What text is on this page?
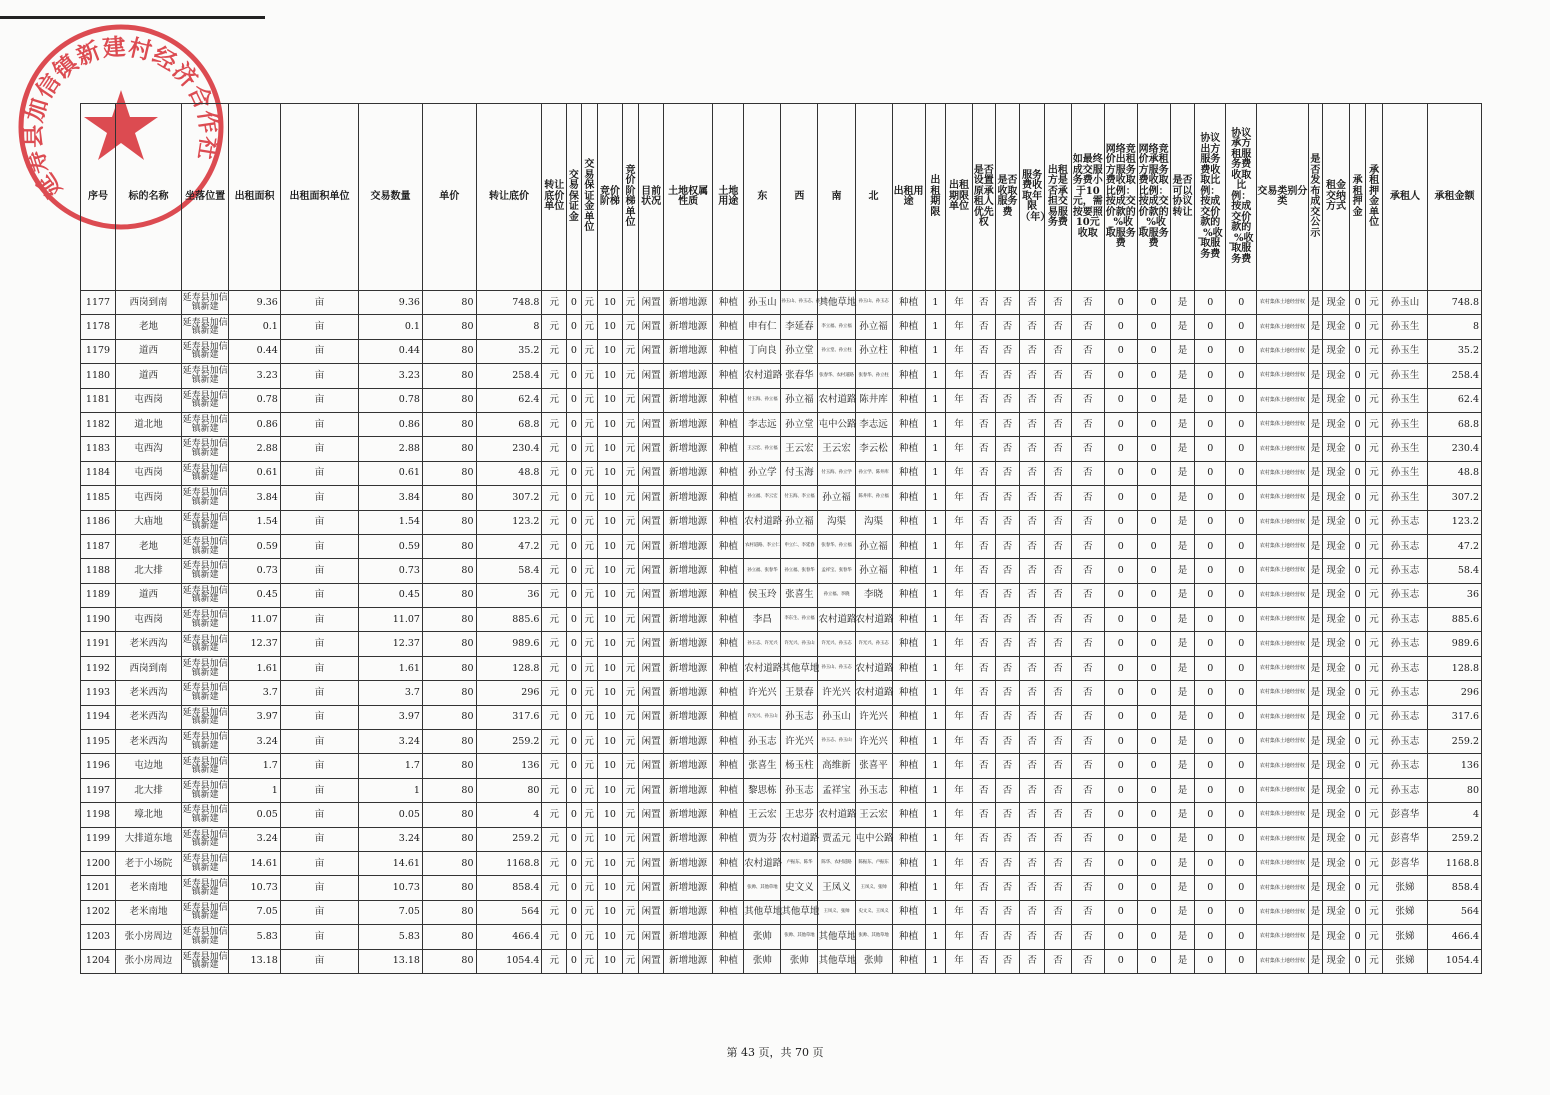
延寿县加信镇新建村经济合作社
序号	标的名称	坐落位置	出租面积	出租面积单位	交易数量	单价	转让底价	转让底价单位	交易保证金	交易保证金单位	竞价阶梯	竞价阶梯单位	目前状况	土地权属性质	土地用途	东	西	南	北	出租用途	出租期限	出租期限单位	是否设置原承租人优先权	是否收取服务费	服务费收取年限（年）	出租方是否承担交易服务费	如最终成交服务费小于10元，需按要照10元收取	网络竞价出租方服务费收取比例：按成交价款的_%收取服务费	网络竞价承租方服务费收取比例：按成交价款的_%收取服务费	是否可以协议转让	协议出方服务费收取比例：按成交价款的_%收取服务费	协议承方租服务费收取比例：按成交价款的_%收取服务费	交易类别分类	是否发布成交公示	租金交纳方式	承租押金	承租押金单位	承租人	承租金额
1177	西岗到南	延寿县加信镇新建	9.36	亩	9.36	80	748.8	元	0	元	10	元	闲置	新增地源	种植	孙玉山	孙玉山、孙玉志、孙玉生	其他草地	孙玉山、孙玉志	种植	1	年	否	否	否	否	否	0	0	是	0	0	农村集体土地经营权	是	现金	0	元	孙玉山	748.8
1178	老地	延寿县加信镇新建	0.1	亩	0.1	80	8	元	0	元	10	元	闲置	新增地源	种植	申有仁	李延春	李立福、孙立福	孙立福	种植	1	年	否	否	否	否	否	0	0	是	0	0	农村集体土地经营权	是	现金	0	元	孙玉生	8
1179	道西	延寿县加信镇新建	0.44	亩	0.44	80	35.2	元	0	元	10	元	闲置	新增地源	种植	丁向良	孙立堂	孙立堂、孙立柱	孙立柱	种植	1	年	否	否	否	否	否	0	0	是	0	0	农村集体土地经营权	是	现金	0	元	孙玉生	35.2
1180	道西	延寿县加信镇新建	3.23	亩	3.23	80	258.4	元	0	元	10	元	闲置	新增地源	种植	农村道路	张春华	张春华、农村道路	张春华、孙立柱	种植	1	年	否	否	否	否	否	0	0	是	0	0	农村集体土地经营权	是	现金	0	元	孙玉生	258.4
1181	屯西岗	延寿县加信镇新建	0.78	亩	0.78	80	62.4	元	0	元	10	元	闲置	新增地源	种植	付玉海、孙立福	孙立福	农村道路	陈井库	种植	1	年	否	否	否	否	否	0	0	是	0	0	农村集体土地经营权	是	现金	0	元	孙玉生	62.4
1182	道北地	延寿县加信镇新建	0.86	亩	0.86	80	68.8	元	0	元	10	元	闲置	新增地源	种植	李志远	孙立堂	屯中公路	李志远	种植	1	年	否	否	否	否	否	0	0	是	0	0	农村集体土地经营权	是	现金	0	元	孙玉生	68.8
1183	屯西沟	延寿县加信镇新建	2.88	亩	2.88	80	230.4	元	0	元	10	元	闲置	新增地源	种植	王云宏、孙立福	王云宏	王云宏	李云松	种植	1	年	否	否	否	否	否	0	0	是	0	0	农村集体土地经营权	是	现金	0	元	孙玉生	230.4
1184	屯西岗	延寿县加信镇新建	0.61	亩	0.61	80	48.8	元	0	元	10	元	闲置	新增地源	种植	孙立学	付玉海	付玉海、孙立学	孙立学、陈井库	种植	1	年	否	否	否	否	否	0	0	是	0	0	农村集体土地经营权	是	现金	0	元	孙玉生	48.8
1185	屯西岗	延寿县加信镇新建	3.84	亩	3.84	80	307.2	元	0	元	10	元	闲置	新增地源	种植	孙立福、李云宏	付玉海、李立福	孙立福	陈井库、孙立福	种植	1	年	否	否	否	否	否	0	0	是	0	0	农村集体土地经营权	是	现金	0	元	孙玉生	307.2
1186	大庙地	延寿县加信镇新建	1.54	亩	1.54	80	123.2	元	0	元	10	元	闲置	新增地源	种植	农村道路	孙立福	沟渠	沟渠	种植	1	年	否	否	否	否	否	0	0	是	0	0	农村集体土地经营权	是	现金	0	元	孙玉志	123.2
1187	老地	延寿县加信镇新建	0.59	亩	0.59	80	47.2	元	0	元	10	元	闲置	新增地源	种植	农村道路、李立仁	申立仁、李延春	张春华、孙立福	孙立福	种植	1	年	否	否	否	否	否	0	0	是	0	0	农村集体土地经营权	是	现金	0	元	孙玉志	47.2
1188	北大排	延寿县加信镇新建	0.73	亩	0.73	80	58.4	元	0	元	10	元	闲置	新增地源	种植	孙立福、张春华	孙立福、张春华	孟祥宝、张春华	孙立福	种植	1	年	否	否	否	否	否	0	0	是	0	0	农村集体土地经营权	是	现金	0	元	孙玉志	58.4
1189	道西	延寿县加信镇新建	0.45	亩	0.45	80	36	元	0	元	10	元	闲置	新增地源	种植	侯玉玲	张喜生	孙立福、李晓	李晓	种植	1	年	否	否	否	否	否	0	0	是	0	0	农村集体土地经营权	是	现金	0	元	孙玉志	36
1190	屯西岗	延寿县加信镇新建	11.07	亩	11.07	80	885.6	元	0	元	10	元	闲置	新增地源	种植	李昌	李东生、孙立福	农村道路	农村道路	种植	1	年	否	否	否	否	否	0	0	是	0	0	农村集体土地经营权	是	现金	0	元	孙玉志	885.6
1191	老米西沟	延寿县加信镇新建	12.37	亩	12.37	80	989.6	元	0	元	10	元	闲置	新增地源	种植	孙玉志、许光兴	许光兴、孙玉山	许光兴、孙玉志	许光兴、孙玉志	种植	1	年	否	否	否	否	否	0	0	是	0	0	农村集体土地经营权	是	现金	0	元	孙玉志	989.6
1192	西岗到南	延寿县加信镇新建	1.61	亩	1.61	80	128.8	元	0	元	10	元	闲置	新增地源	种植	农村道路	其他草地	孙玉山、孙玉志	农村道路	种植	1	年	否	否	否	否	否	0	0	是	0	0	农村集体土地经营权	是	现金	0	元	孙玉志	128.8
1193	老米西沟	延寿县加信镇新建	3.7	亩	3.7	80	296	元	0	元	10	元	闲置	新增地源	种植	许光兴	王景春	许光兴	农村道路	种植	1	年	否	否	否	否	否	0	0	是	0	0	农村集体土地经营权	是	现金	0	元	孙玉志	296
1194	老米西沟	延寿县加信镇新建	3.97	亩	3.97	80	317.6	元	0	元	10	元	闲置	新增地源	种植	许光兴、孙玉山	孙玉志	孙玉山	许光兴	种植	1	年	否	否	否	否	否	0	0	是	0	0	农村集体土地经营权	是	现金	0	元	孙玉志	317.6
1195	老米西沟	延寿县加信镇新建	3.24	亩	3.24	80	259.2	元	0	元	10	元	闲置	新增地源	种植	孙玉志	许光兴	孙玉志、孙玉山	许光兴	种植	1	年	否	否	否	否	否	0	0	是	0	0	农村集体土地经营权	是	现金	0	元	孙玉志	259.2
1196	屯边地	延寿县加信镇新建	1.7	亩	1.7	80	136	元	0	元	10	元	闲置	新增地源	种植	张喜生	杨玉柱	高维新	张喜平	种植	1	年	否	否	否	否	否	0	0	是	0	0	农村集体土地经营权	是	现金	0	元	孙玉志	136
1197	北大排	延寿县加信镇新建	1	亩	1	80	80	元	0	元	10	元	闲置	新增地源	种植	黎思栋	孙玉志	孟祥宝	孙玉志	种植	1	年	否	否	否	否	否	0	0	是	0	0	农村集体土地经营权	是	现金	0	元	孙玉志	80
1198	壕北地	延寿县加信镇新建	0.05	亩	0.05	80	4	元	0	元	10	元	闲置	新增地源	种植	王云宏	王忠芬	农村道路	王云宏	种植	1	年	否	否	否	否	否	0	0	是	0	0	农村集体土地经营权	是	现金	0	元	彭喜华	4
1199	大排道东地	延寿县加信镇新建	3.24	亩	3.24	80	259.2	元	0	元	10	元	闲置	新增地源	种植	贾为芬	农村道路	贾孟元	屯中公路	种植	1	年	否	否	否	否	否	0	0	是	0	0	农村集体土地经营权	是	现金	0	元	彭喜华	259.2
1200	老于小场院	延寿县加信镇新建	14.61	亩	14.61	80	1168.8	元	0	元	10	元	闲置	新增地源	种植	农村道路	卢振东、陈华	陈华、农村道路	陈振东、卢振东	种植	1	年	否	否	否	否	否	0	0	是	0	0	农村集体土地经营权	是	现金	0	元	彭喜华	1168.8
1201	老米南地	延寿县加信镇新建	10.73	亩	10.73	80	858.4	元	0	元	10	元	闲置	新增地源	种植	张帅、其他草地	史文义	王凤义	王凤义、张帅	种植	1	年	否	否	否	否	否	0	0	是	0	0	农村集体土地经营权	是	现金	0	元	张娣	858.4
1202	老米南地	延寿县加信镇新建	7.05	亩	7.05	80	564	元	0	元	10	元	闲置	新增地源	种植	其他草地	其他草地	王凤义、张帅	史文义、王凤义	种植	1	年	否	否	否	否	否	0	0	是	0	0	农村集体土地经营权	是	现金	0	元	张娣	564
1203	张小房周边	延寿县加信镇新建	5.83	亩	5.83	80	466.4	元	0	元	10	元	闲置	新增地源	种植	张帅	张帅、其他草地	其他草地	张帅、其他草地	种植	1	年	否	否	否	否	否	0	0	是	0	0	农村集体土地经营权	是	现金	0	元	张娣	466.4
1204	张小房周边	延寿县加信镇新建	13.18	亩	13.18	80	1054.4	元	0	元	10	元	闲置	新增地源	种植	张帅	张帅	其他草地	张帅	种植	1	年	否	否	否	否	否	0	0	是	0	0	农村集体土地经营权	是	现金	0	元	张娣	1054.4
第 43 页，共 70 页
